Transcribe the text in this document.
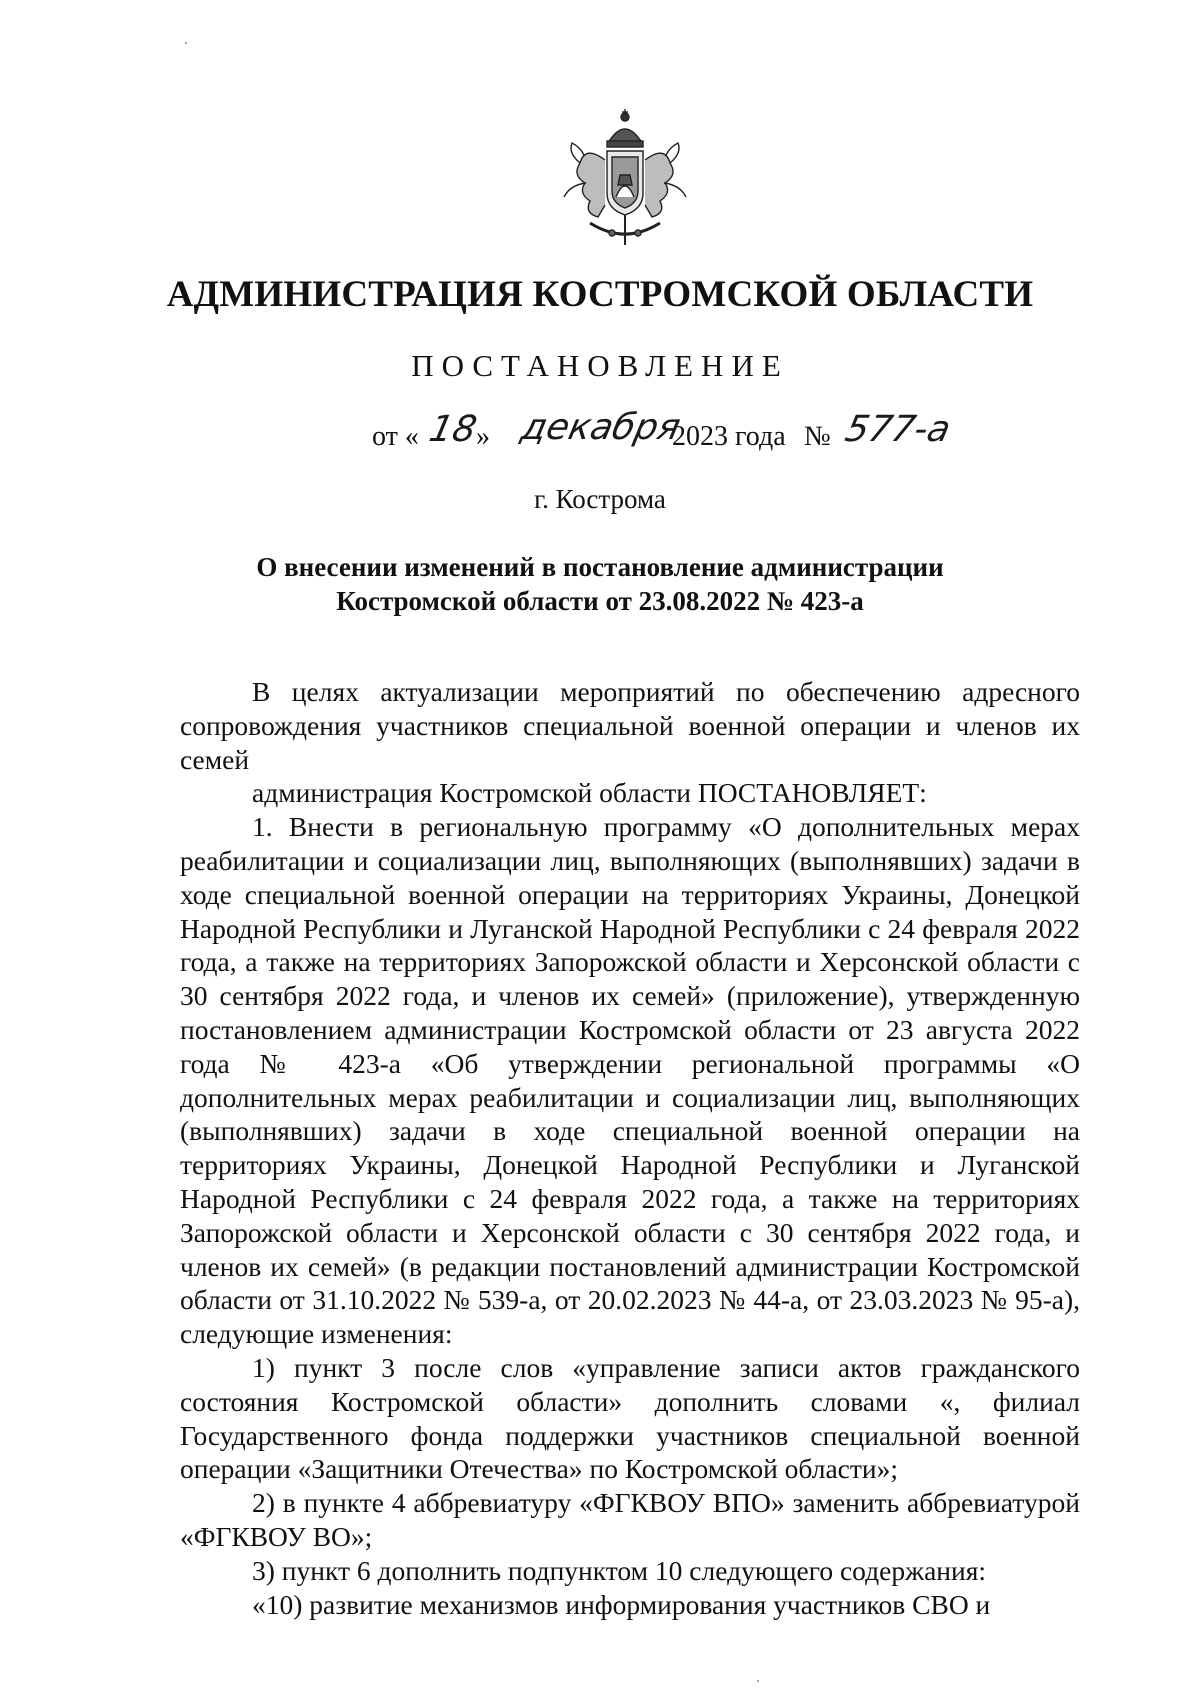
АДМИНИСТРАЦИЯ КОСТРОМСКОЙ ОБЛАСТИ
ПОСТАНОВЛЕНИЕ
от « 18
» декабря
2023 года № 577-а
г. Кострома
О внесении изменений в постановление администрации
Костромской области от 23.08.2022 № 423-а

В целях актуализации мероприятий по обеспечению адресного сопровождения участников специальной военной операции и членов их семей

администрация Костромской области ПОСТАНОВЛЯЕТ:

1. Внести в региональную программу «О дополнительных мерах реабилитации и социализации лиц, выполняющих (выполнявших) задачи в ходе специальной военной операции на территориях Украины, Донецкой Народной Республики и Луганской Народной Республики с 24 февраля 2022 года, а также на территориях Запорожской области и Херсонской области с 30 сентября 2022 года, и членов их семей» (приложение), утвержденную постановлением администрации Костромской области от 23 августа 2022 года № 423-а «Об утверждении региональной программы «О дополнительных мерах реабилитации и социализации лиц, выполняющих (выполнявших) задачи в ходе специальной военной операции на территориях Украины, Донецкой Народной Республики и Луганской Народной Республики с 24 февраля 2022 года, а также на территориях Запорожской области и Херсонской области с 30 сентября 2022 года, и членов их семей» (в редакции постановлений администрации Костромской области от 31.10.2022 № 539-а, от 20.02.2023 № 44-а, от 23.03.2023 № 95-а), следующие изменения:

1) пункт 3 после слов «управление записи актов гражданского состояния Костромской области» дополнить словами «, филиал Государственного фонда поддержки участников специальной военной операции «Защитники Отечества» по Костромской области»;

2) в пункте 4 аббревиатуру «ФГКВОУ ВПО» заменить аббревиатурой «ФГКВОУ ВО»;

3) пункт 6 дополнить подпунктом 10 следующего содержания:

«10) развитие механизмов информирования участников СВО и
